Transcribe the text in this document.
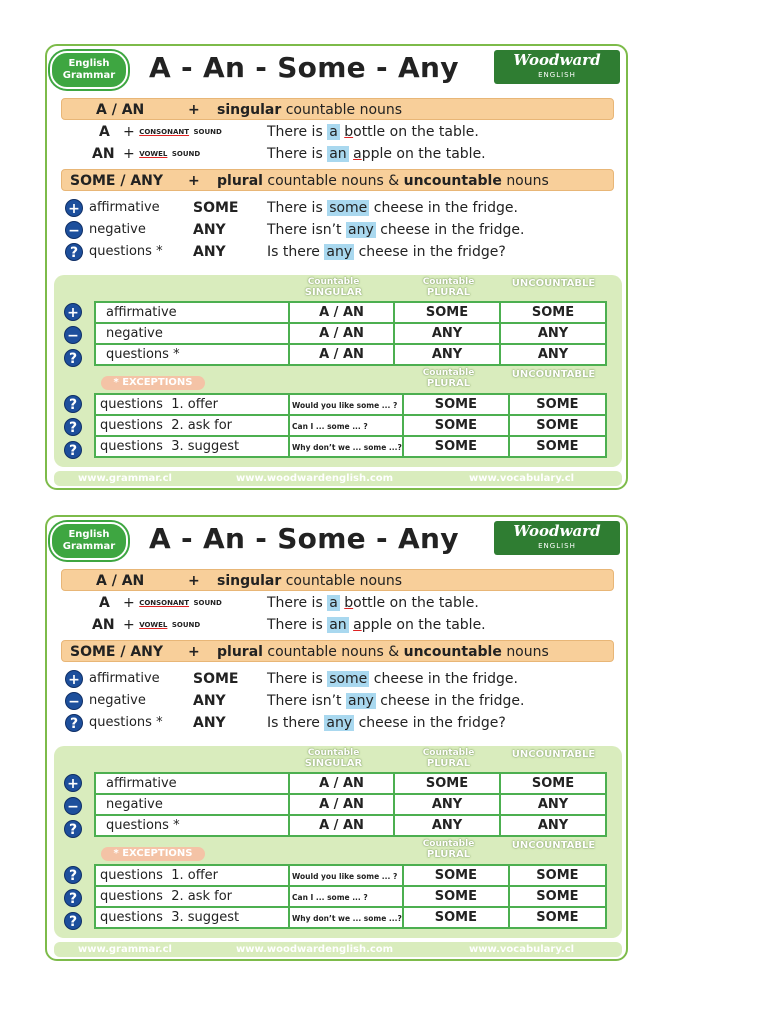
English
Grammar	A - An - Some - Any	Woodward
ENGLISH
A / AN	+ singular countable nouns
A + CONSONANT SOUND	There is a bottle on the table.
AN + VOWEL SOUND	There is an apple on the table.
SOME / ANY + plural countable nouns & uncountable nouns
+ affirmative SOME There is some cheese in the fridge.
− negative	ANY	There isn’t any cheese in the fridge.
? questions * ANY	Is there any cheese in the fridge?
Countable
SINGULAR
Countable
PLURAL
UNCOUNTABLE
+
−
?
affirmative	A / AN	SOME	SOME
negative	A / AN	ANY	ANY
questions *	A / AN	ANY	ANY
* EXCEPTIONS
Countable
PLURAL
UNCOUNTABLE
?
?
?
questions 1. offer	Would you like some ... ?	SOME	SOME
questions 2. ask for	Can I ... some ... ?	SOME	SOME
questions 3. suggest	Why don’t we ... some ...?	SOME	SOME
www.grammar.cl	www.woodwardenglish.com	www.vocabulary.cl
English
Grammar	A - An - Some - Any	Woodward
ENGLISH
A / AN	+ singular countable nouns
A + CONSONANT SOUND	There is a bottle on the table.
AN + VOWEL SOUND	There is an apple on the table.
SOME / ANY + plural countable nouns & uncountable nouns
+ affirmative SOME There is some cheese in the fridge.
− negative	ANY	There isn’t any cheese in the fridge.
? questions * ANY	Is there any cheese in the fridge?
Countable
SINGULAR
Countable
PLURAL
UNCOUNTABLE
+
−
?
affirmative	A / AN	SOME	SOME
negative	A / AN	ANY	ANY
questions *	A / AN	ANY	ANY
* EXCEPTIONS
Countable
PLURAL
UNCOUNTABLE
?
?
?
questions 1. offer	Would you like some ... ?	SOME	SOME
questions 2. ask for	Can I ... some ... ?	SOME	SOME
questions 3. suggest	Why don’t we ... some ...?	SOME	SOME
www.grammar.cl	www.woodwardenglish.com	www.vocabulary.cl
